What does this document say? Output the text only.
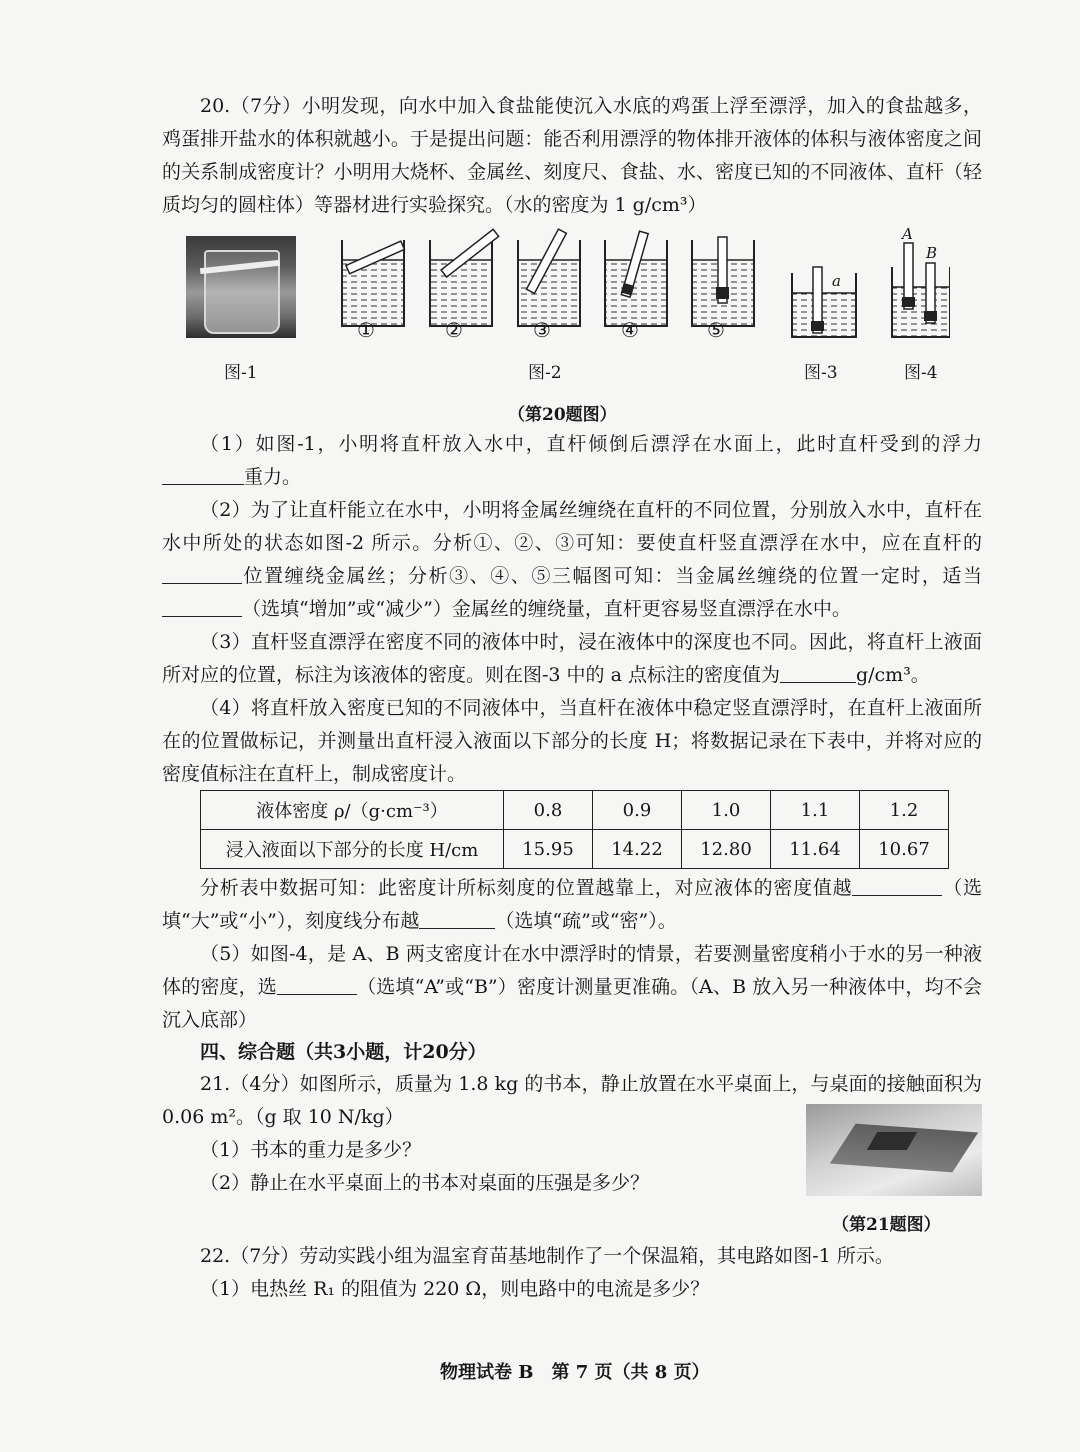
20.（7分）小明发现，向水中加入食盐能使沉入水底的鸡蛋上浮至漂浮，加入的食盐越多，鸡蛋排开盐水的体积就越小。于是提出问题：能否利用漂浮的物体排开液体的体积与液体密度之间的关系制成密度计？小明用大烧杯、金属丝、刻度尺、食盐、水、密度已知的不同液体、直杆（轻质均匀的圆柱体）等器材进行实验探究。（水的密度为 1 g/cm³）
①	②	③	④	⑤
a
A
B
图-1	图-2	图-3	图-4
（第20题图）
（1）如图-1，小明将直杆放入水中，直杆倾倒后漂浮在水面上，此时直杆受到的浮力重力。
（2）为了让直杆能立在水中，小明将金属丝缠绕在直杆的不同位置，分别放入水中，直杆在水中所处的状态如图-2 所示。分析①、②、③可知：要使直杆竖直漂浮在水中，应在直杆的位置缠绕金属丝；分析③、④、⑤三幅图可知：当金属丝缠绕的位置一定时，适当（选填“增加”或“减少”）金属丝的缠绕量，直杆更容易竖直漂浮在水中。
（3）直杆竖直漂浮在密度不同的液体中时，浸在液体中的深度也不同。因此，将直杆上液面所对应的位置，标注为该液体的密度。则在图-3 中的 a 点标注的密度值为	g/cm³。
（4）将直杆放入密度已知的不同液体中，当直杆在液体中稳定竖直漂浮时，在直杆上液面所在的位置做标记，并测量出直杆浸入液面以下部分的长度 H；将数据记录在下表中，并将对应的密度值标注在直杆上，制成密度计。
液体密度 ρ/（g·cm⁻³）	0.8	0.9	1.0	1.1	1.2
浸入液面以下部分的长度 H/cm	15.95	14.22	12.80	11.64	10.67
分析表中数据可知：此密度计所标刻度的位置越靠上，对应液体的密度值越	（选填“大”或“小”），刻度线分布越	（选填“疏”或“密”）。
（5）如图-4，是 A、B 两支密度计在水中漂浮时的情景，若要测量密度稍小于水的另一种液体的密度，选	（选填“A”或“B”）密度计测量更准确。（A、B 放入另一种液体中，均不会沉入底部）
四、综合题（共3小题，计20分）
21.（4分）如图所示，质量为 1.8 kg 的书本，静止放置在水平桌面上，与桌面的接触面积为 0.06 m²。（g 取 10 N/kg）
（1）书本的重力是多少？
（2）静止在水平桌面上的书本对桌面的压强是多少？
（第21题图）
22.（7分）劳动实践小组为温室育苗基地制作了一个保温箱，其电路如图-1 所示。
（1）电热丝 R₁ 的阻值为 220 Ω，则电路中的电流是多少？
物理试卷 B　第 7 页（共 8 页）
